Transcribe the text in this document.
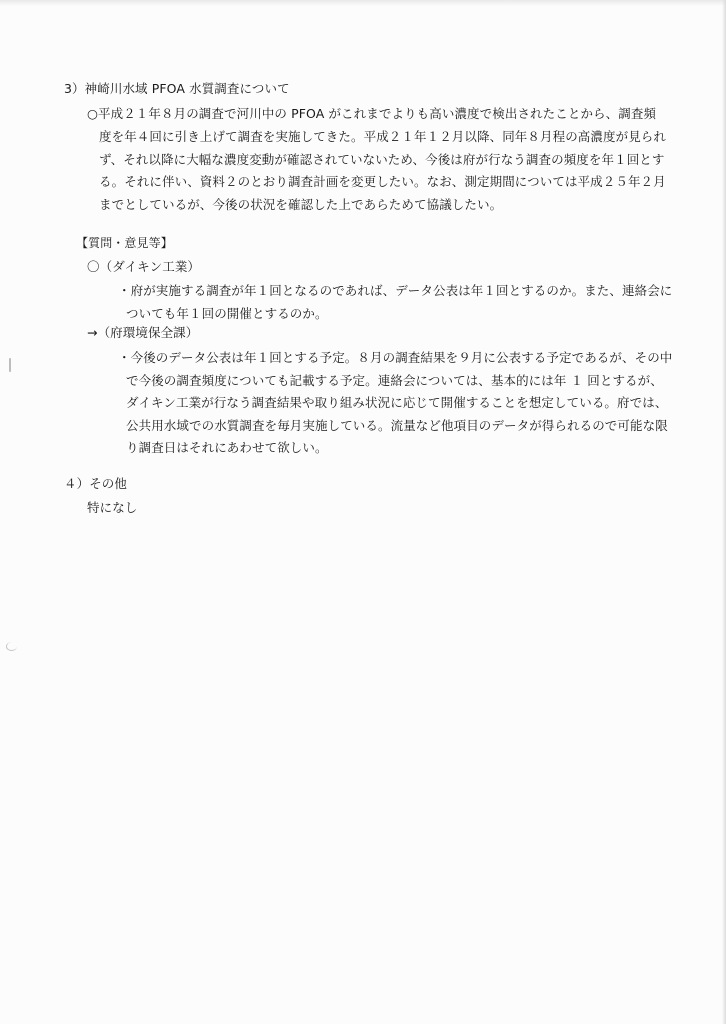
3）神崎川水域 PFOA 水質調査について
○平成２１年８月の調査で河川中の PFOA がこれまでよりも高い濃度で検出されたことから、調査頻
度を年４回に引き上げて調査を実施してきた。平成２１年１２月以降、同年８月程の高濃度が見られ
ず、それ以降に大幅な濃度変動が確認されていないため、今後は府が行なう調査の頻度を年１回とす
る。それに伴い、資料２のとおり調査計画を変更したい。なお、測定期間については平成２５年２月
までとしているが、今後の状況を確認した上であらためて協議したい。
【質問・意見等】
〇（ダイキン工業）
・府が実施する調査が年１回となるのであれば、データ公表は年１回とするのか。また、連絡会に
ついても年１回の開催とするのか。
→（府環境保全課）
・今後のデータ公表は年１回とする予定。８月の調査結果を９月に公表する予定であるが、その中
で今後の調査頻度についても記載する予定。連絡会については、基本的には年 １ 回とするが、
ダイキン工業が行なう調査結果や取り組み状況に応じて開催することを想定している。府では、
公共用水域での水質調査を毎月実施している。流量など他項目のデータが得られるので可能な限
り調査日はそれにあわせて欲しい。
４）その他
特になし
